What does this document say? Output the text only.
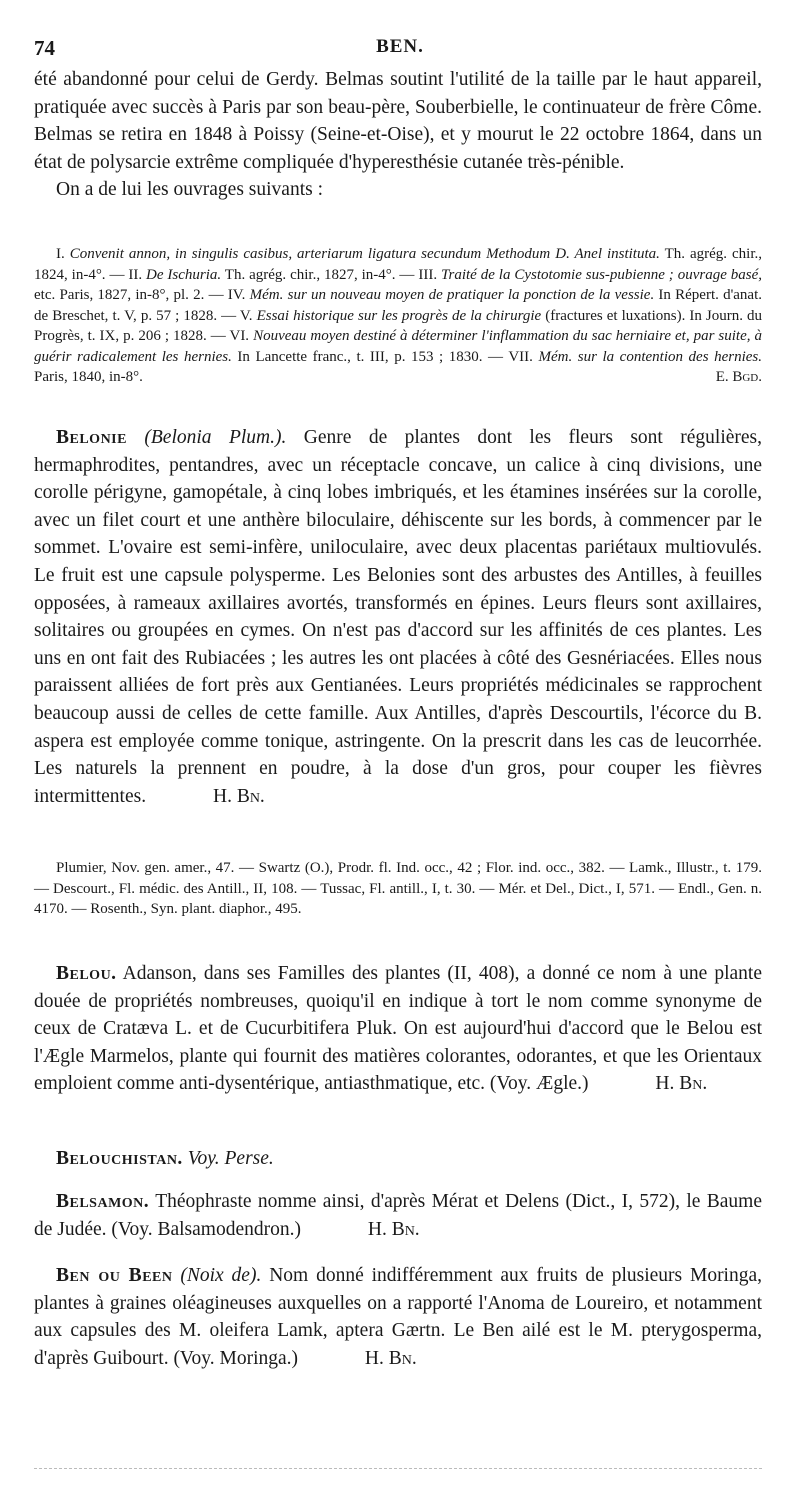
74	BEN.

été abandonné pour celui de Gerdy. Belmas soutint l'utilité de la taille par le haut appareil, pratiquée avec succès à Paris par son beau-père, Souberbielle, le continuateur de frère Côme. Belmas se retira en 1848 à Poissy (Seine-et-Oise), et y mourut le 22 octobre 1864, dans un état de polysarcie extrême compliquée d'hyperesthésie cutanée très-pénible.

On a de lui les ouvrages suivants :

I. Convenit annon, in singulis casibus, arteriarum ligatura secundum Methodum D. Anel instituta. Th. agrég. chir., 1824, in-4°. — II. De Ischuria. Th. agrég. chir., 1827, in-4°. — III. Traité de la Cystotomie sus-pubienne ; ouvrage basé, etc. Paris, 1827, in-8°, pl. 2. — IV. Mém. sur un nouveau moyen de pratiquer la ponction de la vessie. In Répert. d'anat. de Breschet, t. V, p. 57 ; 1828. — V. Essai historique sur les progrès de la chirurgie (fractures et luxations). In Journ. du Progrès, t. IX, p. 206 ; 1828. — VI. Nouveau moyen destiné à déterminer l'inflammation du sac herniaire et, par suite, à guérir radicalement les hernies. In Lancette franc., t. III, p. 153 ; 1830. — VII. Mém. sur la contention des hernies. Paris, 1840, in-8°.	E. Bgd.

Belonie (Belonia Plum.). Genre de plantes dont les fleurs sont régulières, hermaphrodites, pentandres, avec un réceptacle concave, un calice à cinq divisions, une corolle périgyne, gamopétale, à cinq lobes imbriqués, et les étamines insérées sur la corolle, avec un filet court et une anthère biloculaire, déhiscente sur les bords, à commencer par le sommet. L'ovaire est semi-infère, uniloculaire, avec deux placentas pariétaux multiovulés. Le fruit est une capsule polysperme. Les Belonies sont des arbustes des Antilles, à feuilles opposées, à rameaux axillaires avortés, transformés en épines. Leurs fleurs sont axillaires, solitaires ou groupées en cymes. On n'est pas d'accord sur les affinités de ces plantes. Les uns en ont fait des Rubiacées ; les autres les ont placées à côté des Gesnériacées. Elles nous paraissent alliées de fort près aux Gentianées. Leurs propriétés médicinales se rapprochent beaucoup aussi de celles de cette famille. Aux Antilles, d'après Descourtils, l'écorce du B. aspera est employée comme tonique, astringente. On la prescrit dans les cas de leucorrhée. Les naturels la prennent en poudre, à la dose d'un gros, pour couper les fièvres intermittentes.	H. Bn.

Plumier, Nov. gen. amer., 47. — Swartz (O.), Prodr. fl. Ind. occ., 42 ; Flor. ind. occ., 382. — Lamk., Illustr., t. 179. — Descourt., Fl. médic. des Antill., II, 108. — Tussac, Fl. antill., I, t. 30. — Mér. et Del., Dict., I, 571. — Endl., Gen. n. 4170. — Rosenth., Syn. plant. diaphor., 495.

Belou. Adanson, dans ses Familles des plantes (II, 408), a donné ce nom à une plante douée de propriétés nombreuses, quoiqu'il en indique à tort le nom comme synonyme de ceux de Cratæva L. et de Cucurbitifera Pluk. On est aujourd'hui d'accord que le Belou est l'Ægle Marmelos, plante qui fournit des matières colorantes, odorantes, et que les Orientaux emploient comme anti-dysentérique, antiasthmatique, etc. (Voy. Ægle.)	H. Bn.

Belouchistan. Voy. Perse.

Belsamon. Théophraste nomme ainsi, d'après Mérat et Delens (Dict., I, 572), le Baume de Judée. (Voy. Balsamodendron.)	H. Bn.

Ben ou Been (Noix de). Nom donné indifféremment aux fruits de plusieurs Moringa, plantes à graines oléagineuses auxquelles on a rapporté l'Anoma de Loureiro, et notamment aux capsules des M. oleifera Lamk, aptera Gærtn. Le Ben ailé est le M. pterygosperma, d'après Guibourt. (Voy. Moringa.)	H. Bn.
